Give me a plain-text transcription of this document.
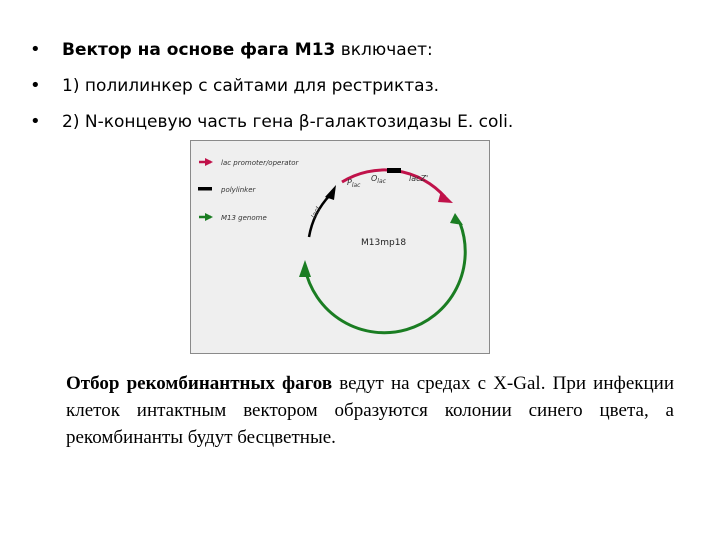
• Вектор на основе фага М13 включает:
• 1) полилинкер с сайтами для рестриктаз.
• 2) N-концевую часть гена β-галактозидазы E. coli.
lac promoter/operator
polylinker
M13 genome	lacI
$P_{lac}$
$O_{lac}$	lacZ'
M13mp18

Отбор рекомбинантных фагов ведут на средах с X-Gal. При инфекции клеток интактным вектором образуются колонии синего цвета, а рекомбинанты будут бесцветные.
